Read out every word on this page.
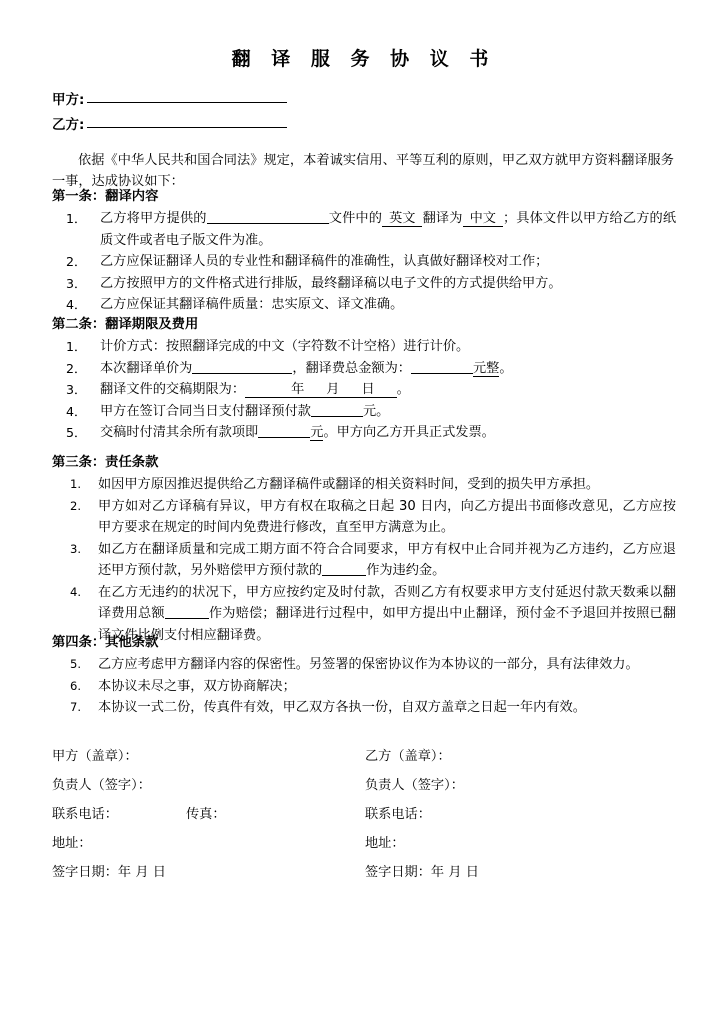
翻 译 服 务 协 议 书
甲方:
乙方:
依据《中华人民共和国合同法》规定，本着诚实信用、平等互利的原则，甲乙双方就甲方资料翻译服务一事，达成协议如下：
第一条：翻译内容
1．	乙方将甲方提供的	文件中的 英文 翻译为 中文 ；具体文件以甲方给乙方的纸质文件或者电子版文件为准。
2．	乙方应保证翻译人员的专业性和翻译稿件的准确性，认真做好翻译校对工作；
3．	乙方按照甲方的文件格式进行排版，最终翻译稿以电子文件的方式提供给甲方。
4．	乙方应保证其翻译稿件质量：忠实原文、译文准确。
第二条：翻译期限及费用
1．	计价方式：按照翻译完成的中文（字符数不计空格）进行计价。
2．	本次翻译单价为	，翻译费总金额为：	元整。
3．	翻译文件的交稿期限为：	年 月 日 。
4．	甲方在签订合同当日支付翻译预付款	元。
5．	交稿时付清其余所有款项即	元。甲方向乙方开具正式发票。
第三条：责任条款
1.	如因甲方原因推迟提供给乙方翻译稿件或翻译的相关资料时间，受到的损失甲方承担。
2.	甲方如对乙方译稿有异议，甲方有权在取稿之日起 30 日内，向乙方提出书面修改意见，乙方应按甲方要求在规定的时间内免费进行修改，直至甲方满意为止。
3.	如乙方在翻译质量和完成工期方面不符合合同要求，甲方有权中止合同并视为乙方违约，乙方应退还甲方预付款，另外赔偿甲方预付款的	作为违约金。
4.	在乙方无违约的状况下，甲方应按约定及时付款，否则乙方有权要求甲方支付延迟付款天数乘以翻译费用总额	作为赔偿；翻译进行过程中，如甲方提出中止翻译，预付金不予退回并按照已翻译文件比例支付相应翻译费。
第四条：其他条款
5.	乙方应考虑甲方翻译内容的保密性。另签署的保密协议作为本协议的一部分，具有法律效力。
6.	本协议未尽之事，双方协商解决；
7.	本协议一式二份，传真件有效，甲乙双方各执一份，自双方盖章之日起一年内有效。
甲方（盖章）：	乙方（盖章）：
负责人（签字）：	负责人（签字）：
联系电话：	传真：	联系电话：
地址：	地址：
签字日期：年 月 日	签字日期：年 月 日
